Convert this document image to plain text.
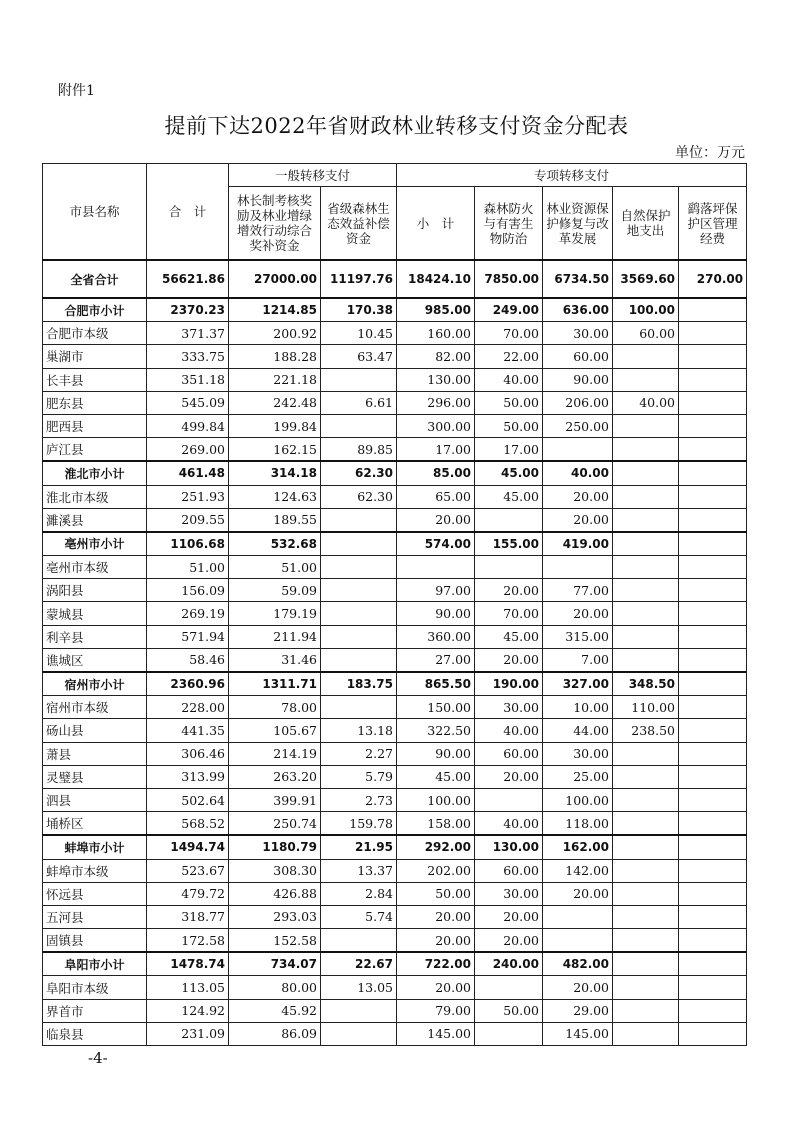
附件1
提前下达2022年省财政林业转移支付资金分配表
单位：万元
市县名称	合　计	一般转移支付		专项转移支付				
		林长制考核奖励及林业增绿增效行动综合奖补资金	省级森林生态效益补偿资金	小　计	森林防火与有害生物防治	林业资源保护修复与改革发展	自然保护地支出	鹞落坪保护区管理经费
全省合计	56621.86	27000.00	11197.76	18424.10	7850.00	6734.50	3569.60	270.00
合肥市小计	2370.23	1214.85	170.38	985.00	249.00	636.00	100.00	
合肥市本级	371.37	200.92	10.45	160.00	70.00	30.00	60.00	
巢湖市	333.75	188.28	63.47	82.00	22.00	60.00		
长丰县	351.18	221.18		130.00	40.00	90.00		
肥东县	545.09	242.48	6.61	296.00	50.00	206.00	40.00	
肥西县	499.84	199.84		300.00	50.00	250.00		
庐江县	269.00	162.15	89.85	17.00	17.00			
淮北市小计	461.48	314.18	62.30	85.00	45.00	40.00		
淮北市本级	251.93	124.63	62.30	65.00	45.00	20.00		
濉溪县	209.55	189.55		20.00		20.00		
亳州市小计	1106.68	532.68		574.00	155.00	419.00		
亳州市本级	51.00	51.00						
涡阳县	156.09	59.09		97.00	20.00	77.00		
蒙城县	269.19	179.19		90.00	70.00	20.00		
利辛县	571.94	211.94		360.00	45.00	315.00		
谯城区	58.46	31.46		27.00	20.00	7.00		
宿州市小计	2360.96	1311.71	183.75	865.50	190.00	327.00	348.50	
宿州市本级	228.00	78.00		150.00	30.00	10.00	110.00	
砀山县	441.35	105.67	13.18	322.50	40.00	44.00	238.50	
萧县	306.46	214.19	2.27	90.00	60.00	30.00		
灵璧县	313.99	263.20	5.79	45.00	20.00	25.00		
泗县	502.64	399.91	2.73	100.00		100.00		
埇桥区	568.52	250.74	159.78	158.00	40.00	118.00		
蚌埠市小计	1494.74	1180.79	21.95	292.00	130.00	162.00		
蚌埠市本级	523.67	308.30	13.37	202.00	60.00	142.00		
怀远县	479.72	426.88	2.84	50.00	30.00	20.00		
五河县	318.77	293.03	5.74	20.00	20.00			
固镇县	172.58	152.58		20.00	20.00			
阜阳市小计	1478.74	734.07	22.67	722.00	240.00	482.00		
阜阳市本级	113.05	80.00	13.05	20.00		20.00		
界首市	124.92	45.92		79.00	50.00	29.00		
临泉县	231.09	86.09		145.00		145.00		
-4-
